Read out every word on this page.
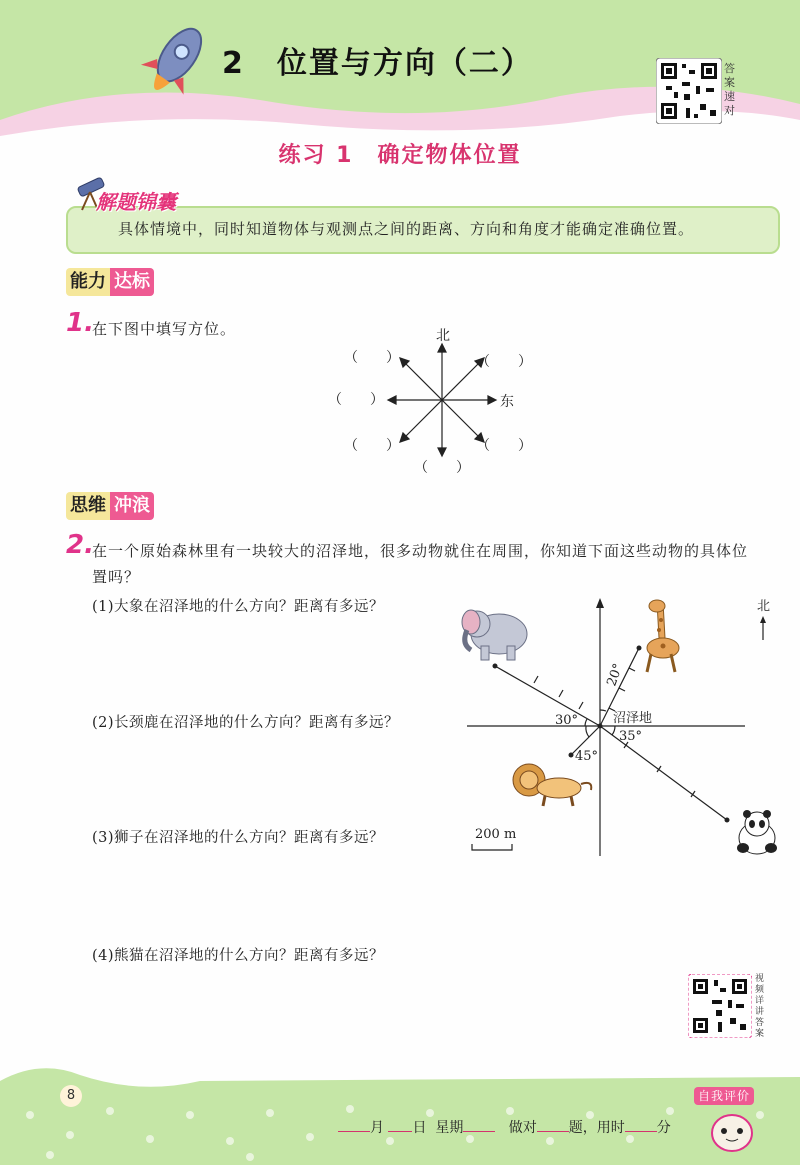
2　位置与方向（二）	答案速对
练习 1　确定物体位置
解题锦囊
具体情境中，同时知道物体与观测点之间的距离、方向和角度才能确定准确位置。
能力 达标
1.
在下图中填写方位。	北
东
（　　）	（　　）
（　　）
（　　）	（　　）
（　　）
思维 冲浪
2.
在一个原始森林里有一块较大的沼泽地，很多动物就住在周围，你知道下面这些动物的具体位
置吗？
(1)大象在沼泽地的什么方向？距离有多远？
(2)长颈鹿在沼泽地的什么方向？距离有多远？
(3)狮子在沼泽地的什么方向？距离有多远？
(4)熊猫在沼泽地的什么方向？距离有多远？
沼泽地
30°
20°
45°
35°
北
200 m
视频详讲答案
8	自我评价
月 日 星期	做对 题，用时 分
